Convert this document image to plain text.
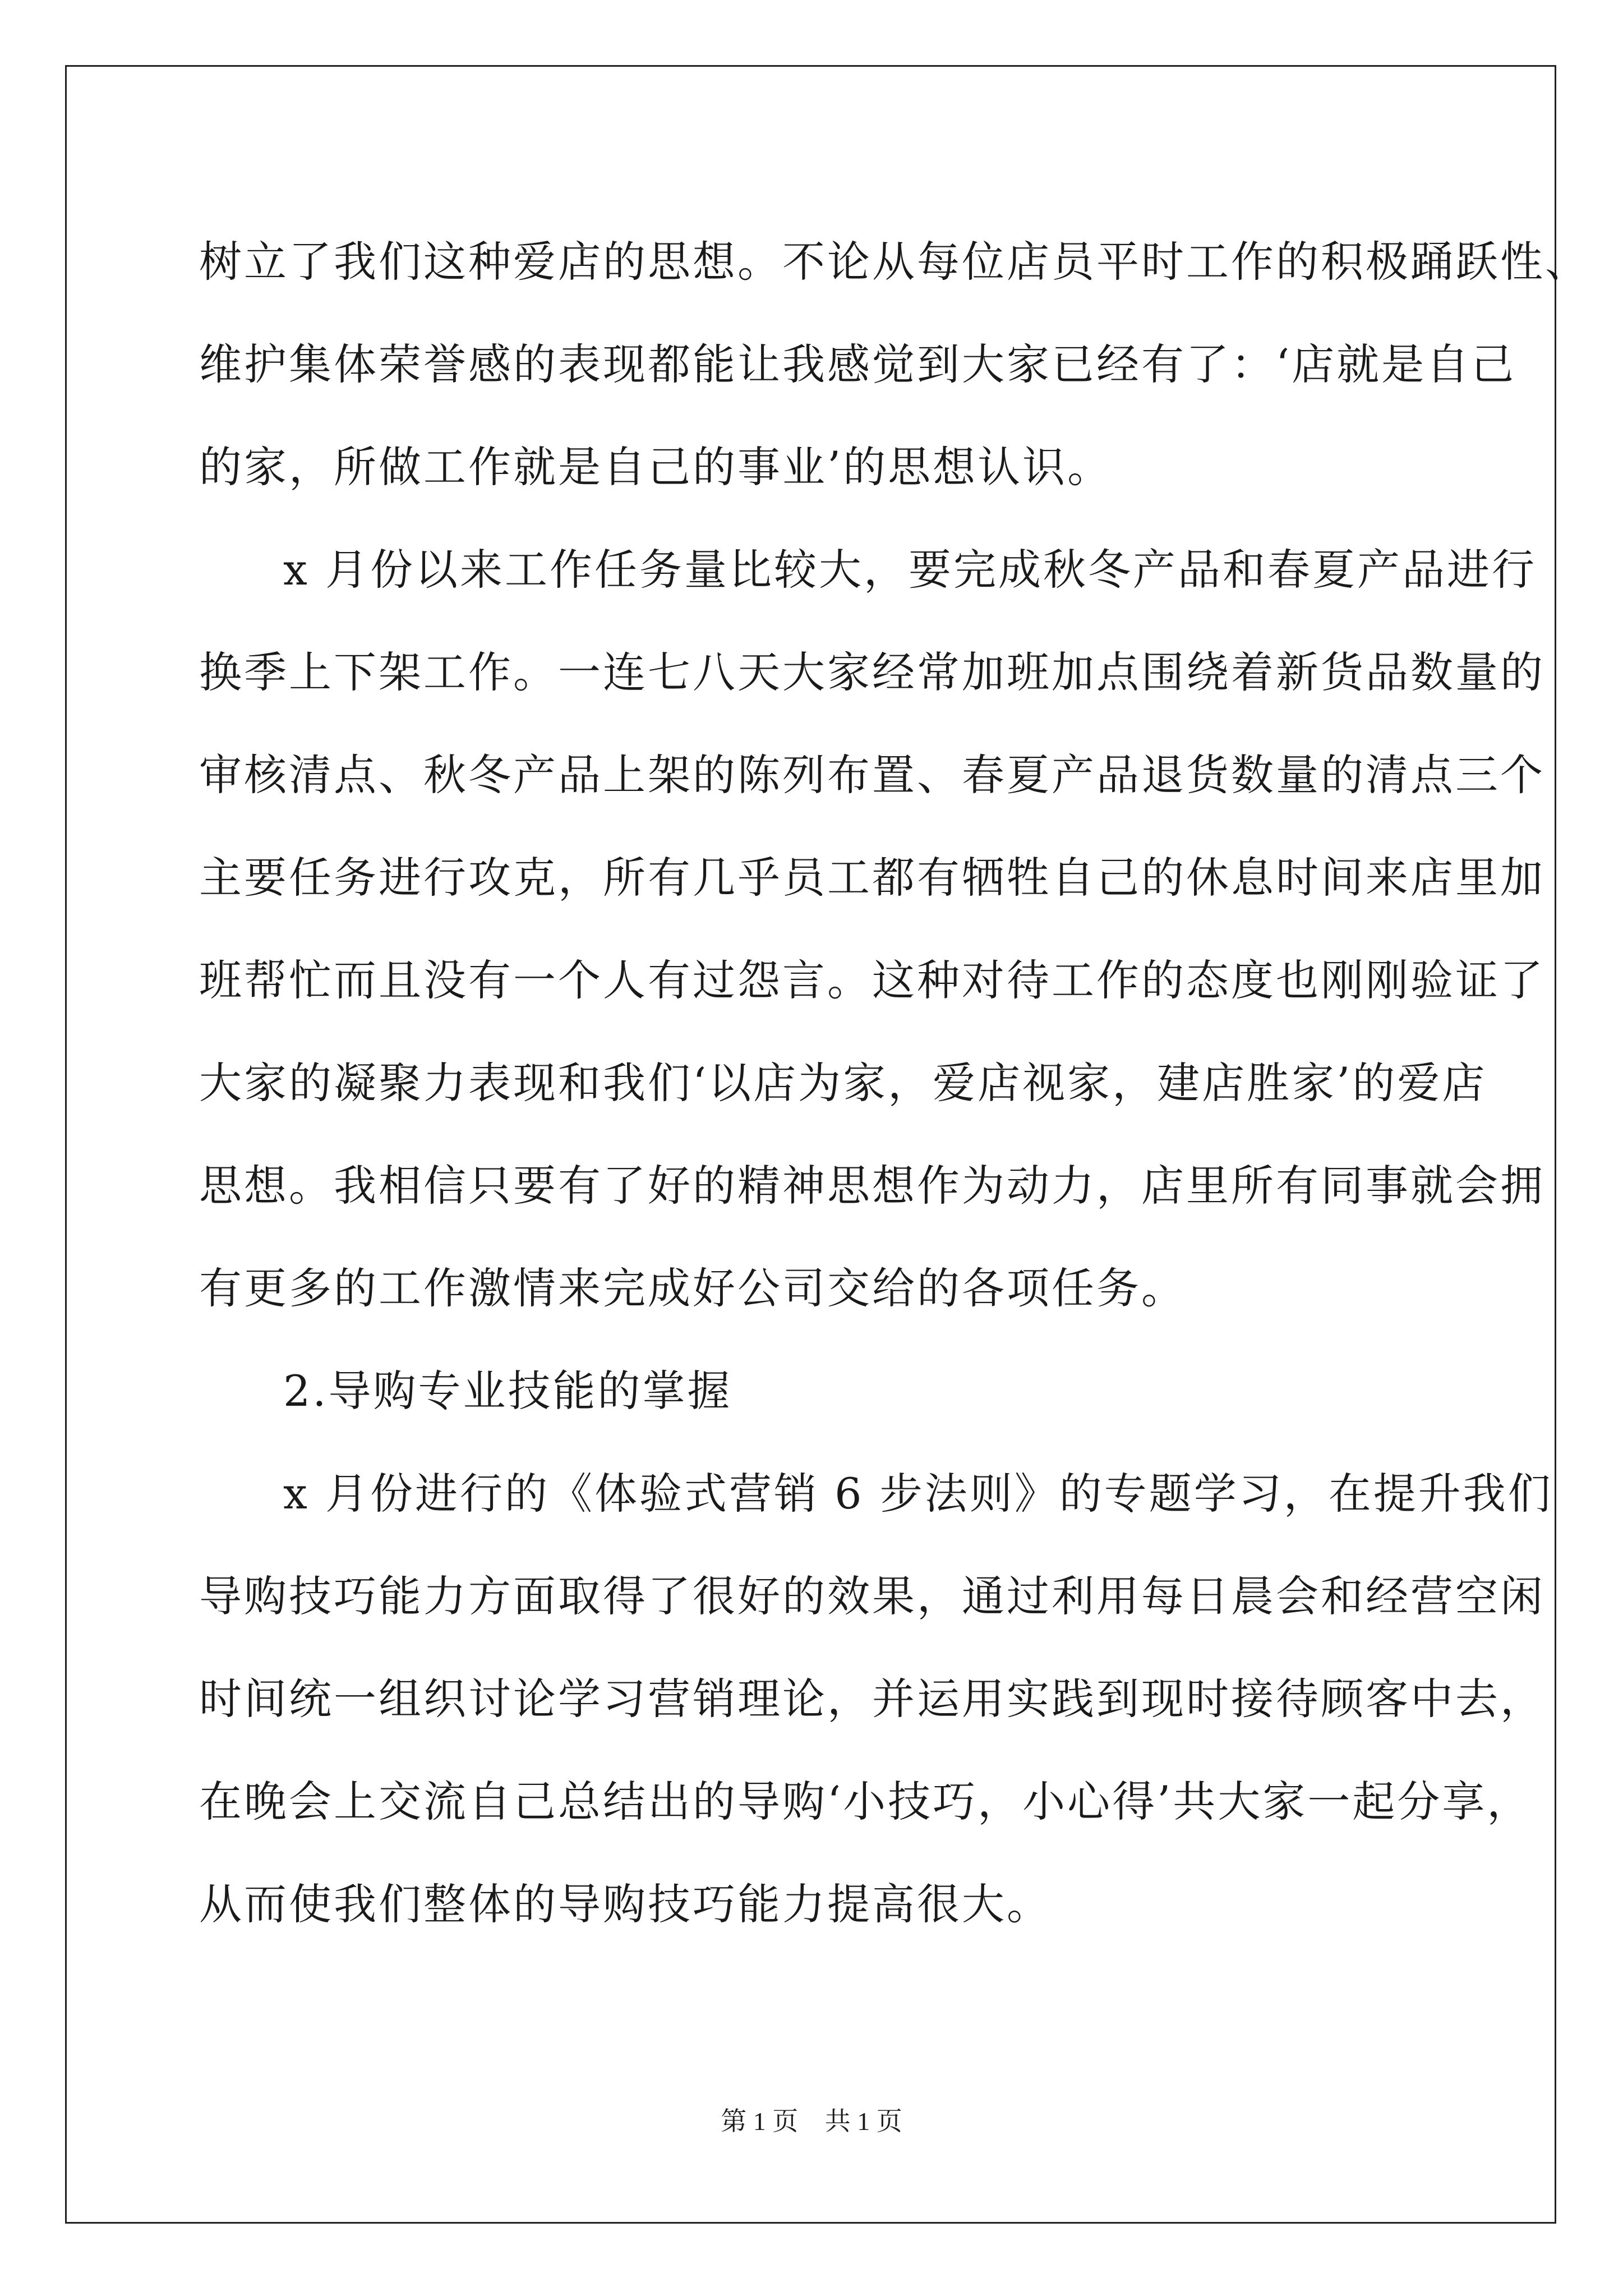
树立了我们这种爱店的思想。不论从每位店员平时工作的积极踊跃性、
维护集体荣誉感的表现都能让我感觉到大家已经有了：‘店就是自己
的家，所做工作就是自己的事业’的思想认识。
x 月份以来工作任务量比较大，要完成秋冬产品和春夏产品进行
换季上下架工作。一连七八天大家经常加班加点围绕着新货品数量的
审核清点、秋冬产品上架的陈列布置、春夏产品退货数量的清点三个
主要任务进行攻克，所有几乎员工都有牺牲自己的休息时间来店里加
班帮忙而且没有一个人有过怨言。这种对待工作的态度也刚刚验证了
大家的凝聚力表现和我们‘以店为家，爱店视家，建店胜家’的爱店
思想。我相信只要有了好的精神思想作为动力，店里所有同事就会拥
有更多的工作激情来完成好公司交给的各项任务。
2.导购专业技能的掌握
x 月份进行的《体验式营销 6 步法则》的专题学习，在提升我们
导购技巧能力方面取得了很好的效果，通过利用每日晨会和经营空闲
时间统一组织讨论学习营销理论，并运用实践到现时接待顾客中去，
在晚会上交流自己总结出的导购‘小技巧，小心得’共大家一起分享，
从而使我们整体的导购技巧能力提高很大。
第 1 页 共 1 页
